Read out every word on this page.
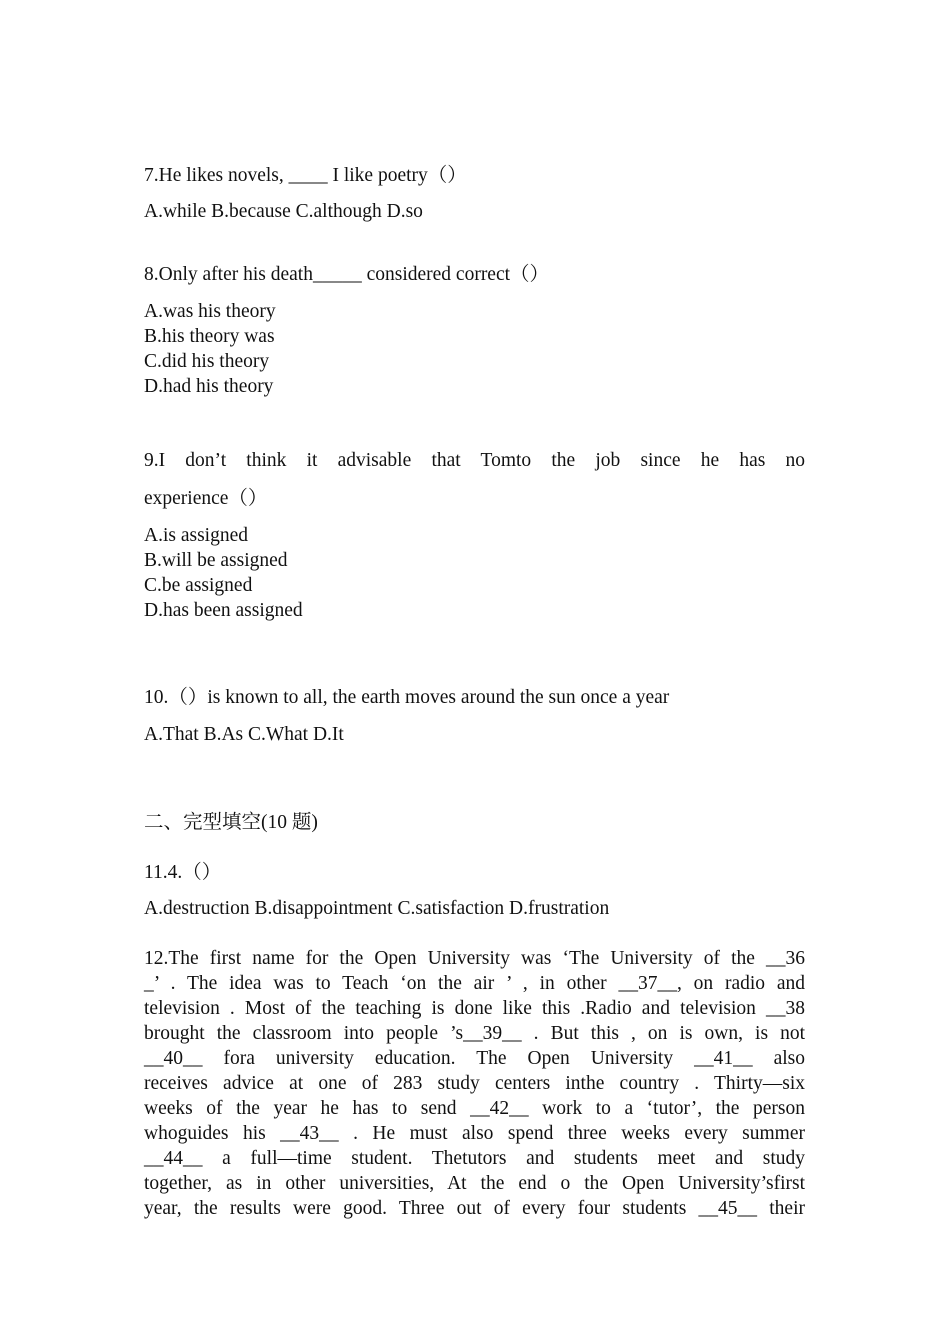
7.He likes novels, ____ I like poetry（）
A.while B.because C.although D.so
8.Only after his death_____ considered correct（）
A.was his theory
B.his theory was
C.did his theory
D.had his theory
9.I don’t think it advisable that Tomto the job since he has no
experience（）
A.is assigned
B.will be assigned
C.be assigned
D.has been assigned
10.（）is known to all, the earth moves around the sun once a year
A.That B.As C.What D.It
二、完型填空(10 题)
11.4.（）
A.destruction B.disappointment C.satisfaction D.frustration
12.The first name for the Open University was ‘The University of the __36
_’ . The idea was to Teach ‘on the air ’ , in other __37__, on radio and
television . Most of the teaching is done like this .Radio and television __38
brought the classroom into people ’s__39__ . But this , on is own, is not
__40__ fora university education. The Open University __41__ also
receives advice at one of 283 study centers inthe country . Thirty—six
weeks of the year he has to send __42__ work to a ‘tutor’, the person
whoguides his __43__ . He must also spend three weeks every summer
__44__ a full—time student. Thetutors and students meet and study
together, as in other universities, At the end o the Open University’sfirst
year, the results were good. Three out of every four students __45__ their
